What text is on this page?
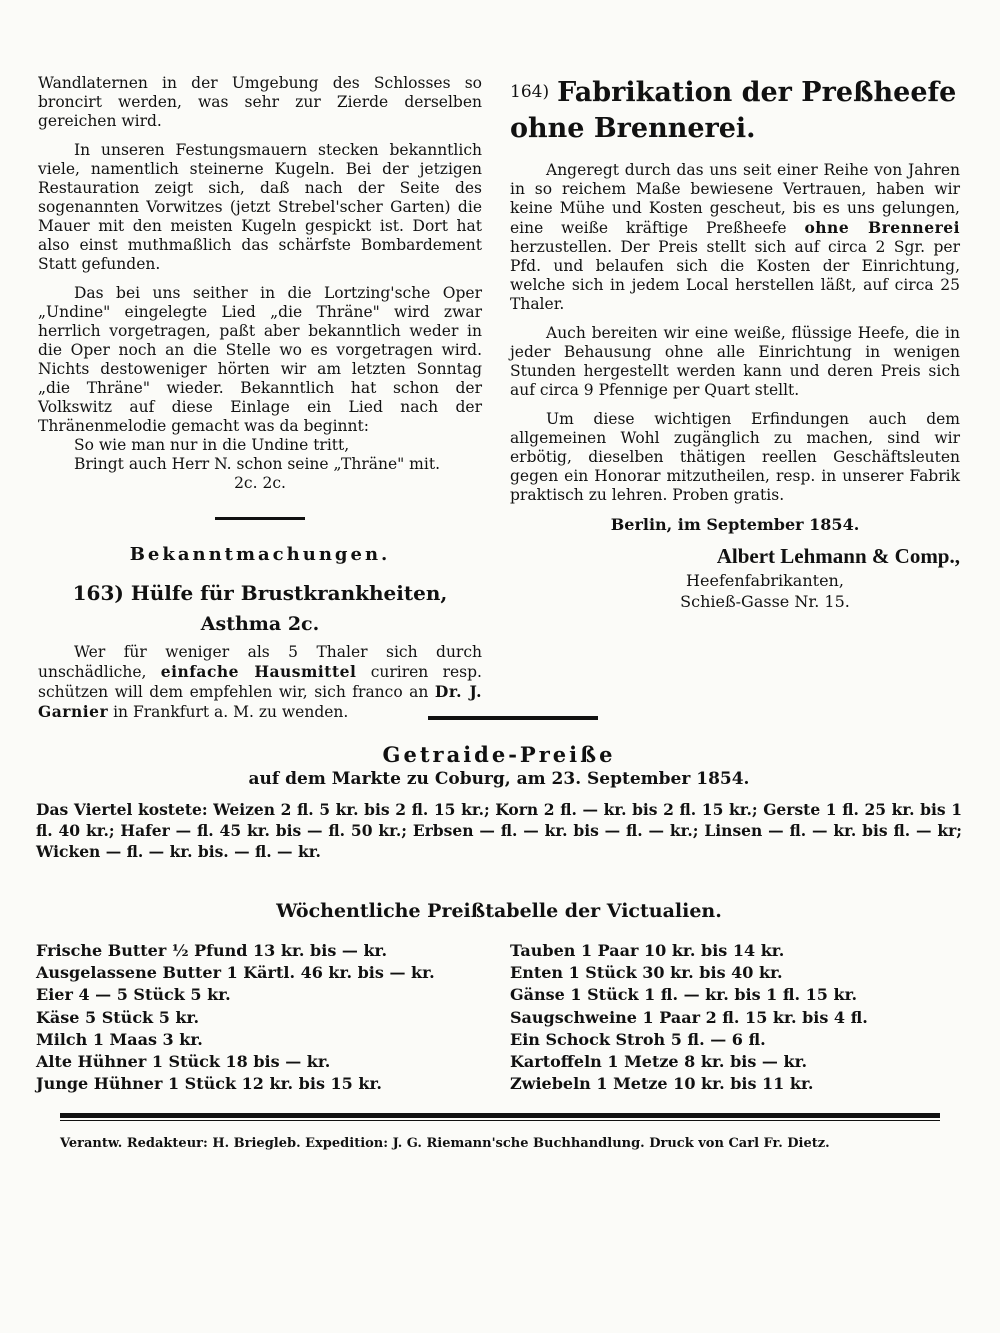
Wandlaternen in der Umgebung des Schlosses so broncirt werden, was sehr zur Zierde derselben gereichen wird.

In unseren Festungsmauern stecken bekanntlich viele, namentlich steinerne Kugeln. Bei der jetzigen Restauration zeigt sich, daß nach der Seite des sogenannten Vorwitzes (jetzt Strebel'scher Garten) die Mauer mit den meisten Kugeln gespickt ist. Dort hat also einst muthmaßlich das schärfste Bombardement Statt gefunden.

Das bei uns seither in die Lortzing'sche Oper „Undine" eingelegte Lied „die Thräne" wird zwar herrlich vorgetragen, paßt aber bekanntlich weder in die Oper noch an die Stelle wo es vorgetragen wird. Nichts destoweniger hörten wir am letzten Sonntag „die Thräne" wieder. Bekanntlich hat schon der Volkswitz auf diese Einlage ein Lied nach der Thränenmelodie gemacht was da beginnt:

So wie man nur in die Undine tritt,

Bringt auch Herr N. schon seine „Thräne" mit.

2c. 2c.

Bekanntmachungen.
163) Hülfe für Brustkrankheiten,
Asthma 2c.

Wer für weniger als 5 Thaler sich durch unschädliche, einfache Hausmittel curiren resp. schützen will dem empfehlen wir, sich franco an Dr. J. Garnier in Frankfurt a. M. zu wenden.

164) Fabrikation der Preßheefe ohne Brennerei.

Angeregt durch das uns seit einer Reihe von Jahren in so reichem Maße bewiesene Vertrauen, haben wir keine Mühe und Kosten gescheut, bis es uns gelungen, eine weiße kräftige Preßheefe ohne Brennerei herzustellen. Der Preis stellt sich auf circa 2 Sgr. per Pfd. und belaufen sich die Kosten der Einrichtung, welche sich in jedem Local herstellen läßt, auf circa 25 Thaler.

Auch bereiten wir eine weiße, flüssige Heefe, die in jeder Behausung ohne alle Einrichtung in wenigen Stunden hergestellt werden kann und deren Preis sich auf circa 9 Pfennige per Quart stellt.

Um diese wichtigen Erfindungen auch dem allgemeinen Wohl zugänglich zu machen, sind wir erbötig, dieselben thätigen reellen Geschäftsleuten gegen ein Honorar mitzutheilen, resp. in unserer Fabrik praktisch zu lehren. Proben gratis.

Berlin, im September 1854.
Albert Lehmann & Comp.,
Heefenfabrikanten,
Schieß-Gasse Nr. 15.
Getraide-Preiße
auf dem Markte zu Coburg, am 23. September 1854.

Das Viertel kostete: Weizen 2 fl. 5 kr. bis 2 fl. 15 kr.; Korn 2 fl. — kr. bis 2 fl. 15 kr.; Gerste 1 fl. 25 kr. bis 1 fl. 40 kr.; Hafer — fl. 45 kr. bis — fl. 50 kr.; Erbsen — fl. — kr. bis — fl. — kr.; Linsen — fl. — kr. bis fl. — kr; Wicken — fl. — kr. bis. — fl. — kr.

Wöchentliche Preißtabelle der Victualien.
Frische Butter ½ Pfund 13 kr. bis — kr.
Ausgelassene Butter 1 Kärtl. 46 kr. bis — kr.
Eier 4 — 5 Stück 5 kr.
Käse 5 Stück 5 kr.
Milch 1 Maas 3 kr.
Alte Hühner 1 Stück 18 bis — kr.
Junge Hühner 1 Stück 12 kr. bis 15 kr.
Tauben 1 Paar 10 kr. bis 14 kr.
Enten 1 Stück 30 kr. bis 40 kr.
Gänse 1 Stück 1 fl. — kr. bis 1 fl. 15 kr.
Saugschweine 1 Paar 2 fl. 15 kr. bis 4 fl.
Ein Schock Stroh 5 fl. — 6 fl.
Kartoffeln 1 Metze 8 kr. bis — kr.
Zwiebeln 1 Metze 10 kr. bis 11 kr.
Verantw. Redakteur: H. Briegleb. Expedition: J. G. Riemann'sche Buchhandlung. Druck von Carl Fr. Dietz.
